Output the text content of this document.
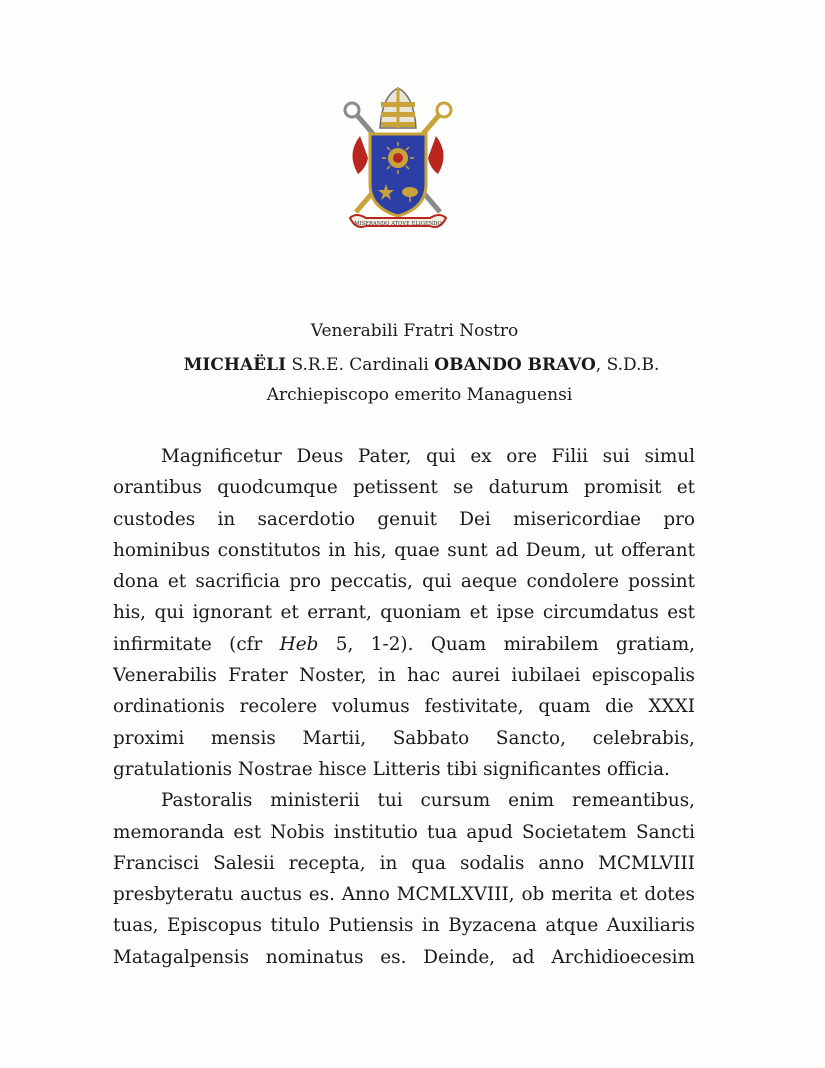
MISERANDO ATQVE ELIGENDO
Venerabili Fratri Nostro
MICHAËLI S.R.E. Cardinali OBANDO BRAVO, S.D.B.
Archiepiscopo emerito Managuensi

Magnificetur Deus Pater, qui ex ore Filii sui simul orantibus quodcumque petissent se daturum promisit et custodes in sacerdotio genuit Dei misericordiae pro hominibus constitutos in his, quae sunt ad Deum, ut offerant dona et sacrificia pro peccatis, qui aeque condolere possint his, qui ignorant et errant, quoniam et ipse circumdatus est infirmitate (cfr Heb 5, 1-2). Quam mirabilem gratiam, Venerabilis Frater Noster, in hac aurei iubilaei episcopalis ordinationis recolere volumus festivitate, quam die XXXI proximi mensis Martii, Sabbato Sancto, celebrabis, gratulationis Nostrae hisce Litteris tibi significantes officia.

Pastoralis ministerii tui cursum enim remeantibus, memoranda est Nobis institutio tua apud Societatem Sancti Francisci Salesii recepta, in qua sodalis anno MCMLVIII presbyteratu auctus es. Anno MCMLXVIII, ob merita et dotes tuas, Episcopus titulo Putiensis in Byzacena atque Auxiliaris Matagalpensis nominatus es. Deinde, ad Archidioecesim
